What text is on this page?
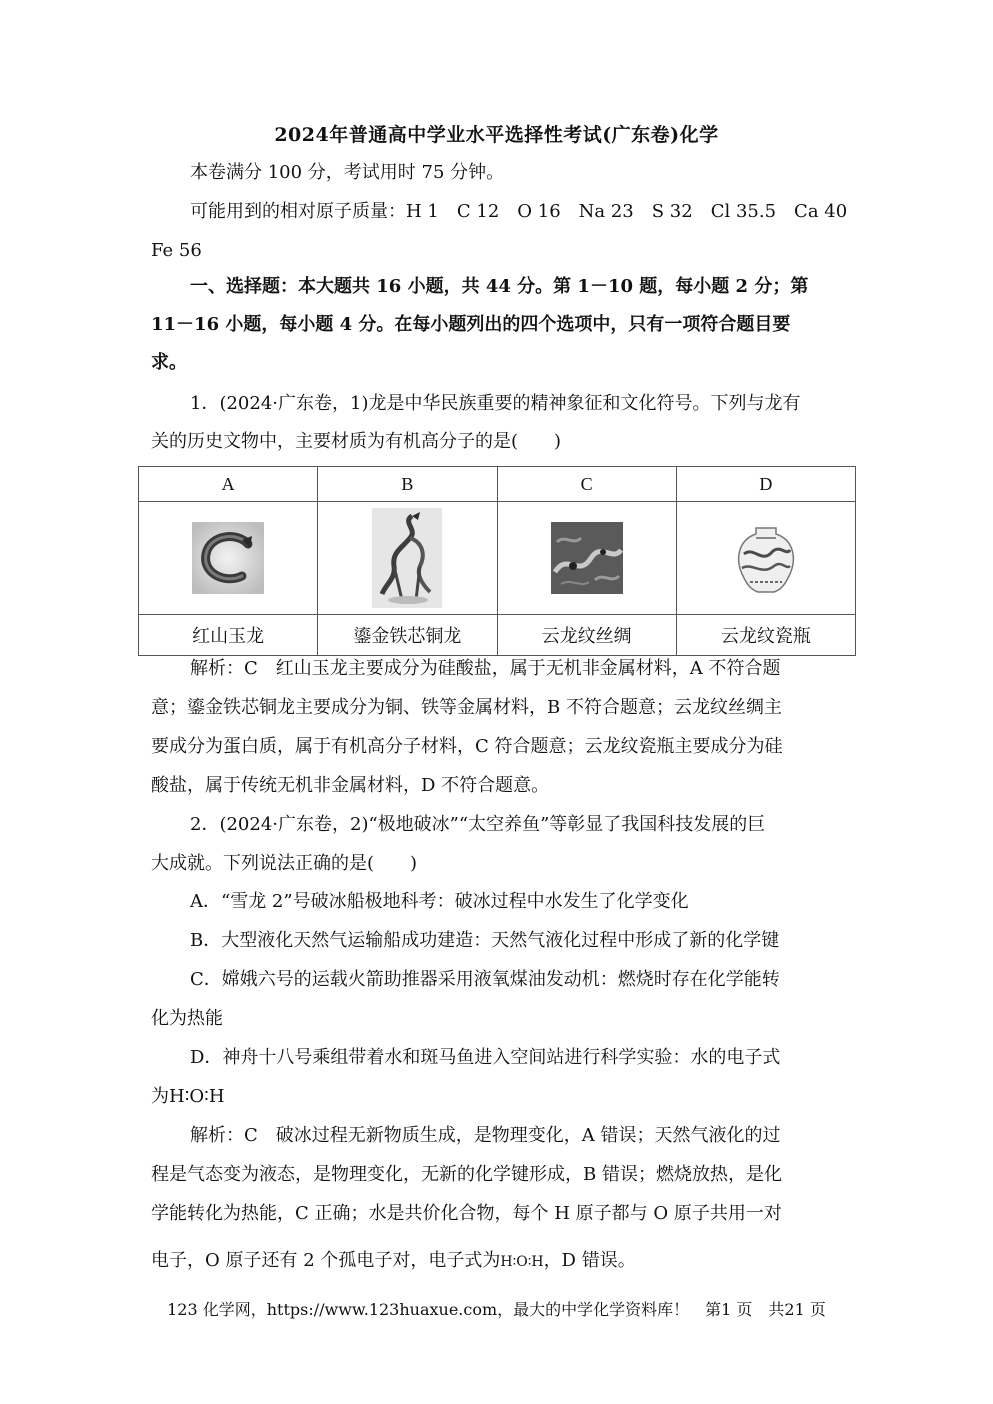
2024年普通高中学业水平选择性考试(广东卷)化学
本卷满分 100 分，考试用时 75 分钟。
可能用到的相对原子质量：H 1　C 12　O 16　Na 23　S 32　Cl 35.5　Ca 40
Fe 56
一、选择题：本大题共 16 小题，共 44 分。第 1－10 题，每小题 2 分；第
11－16 小题，每小题 4 分。在每小题列出的四个选项中，只有一项符合题目要
求。
1．(2024·广东卷，1)龙是中华民族重要的精神象征和文化符号。下列与龙有
关的历史文物中，主要材质为有机高分子的是(　　)
A	B	C	D

红山玉龙	鎏金铁芯铜龙	云龙纹丝绸	云龙纹瓷瓶
解析：C　红山玉龙主要成分为硅酸盐，属于无机非金属材料，A 不符合题
意；鎏金铁芯铜龙主要成分为铜、铁等金属材料，B 不符合题意；云龙纹丝绸主
要成分为蛋白质，属于有机高分子材料，C 符合题意；云龙纹瓷瓶主要成分为硅
酸盐，属于传统无机非金属材料，D 不符合题意。
2．(2024·广东卷，2)“极地破冰”“太空养鱼”等彰显了我国科技发展的巨
大成就。下列说法正确的是(　　)
A．“雪龙 2”号破冰船极地科考：破冰过程中水发生了化学变化
B．大型液化天然气运输船成功建造：天然气液化过程中形成了新的化学键
C．嫦娥六号的运载火箭助推器采用液氧煤油发动机：燃烧时存在化学能转
化为热能
D．神舟十八号乘组带着水和斑马鱼进入空间站进行科学实验：水的电子式
为H∶O∶H
解析：C　破冰过程无新物质生成，是物理变化，A 错误；天然气液化的过
程是气态变为液态，是物理变化，无新的化学键形成，B 错误；燃烧放热，是化
学能转化为热能，C 正确；水是共价化合物，每个 H 原子都与 O 原子共用一对
电子，O 原子还有 2 个孤电子对，电子式为H∶O∶H，D 错误。
123 化学网，https://www.123huaxue.com，最大的中学化学资料库！　第1 页　共21 页
